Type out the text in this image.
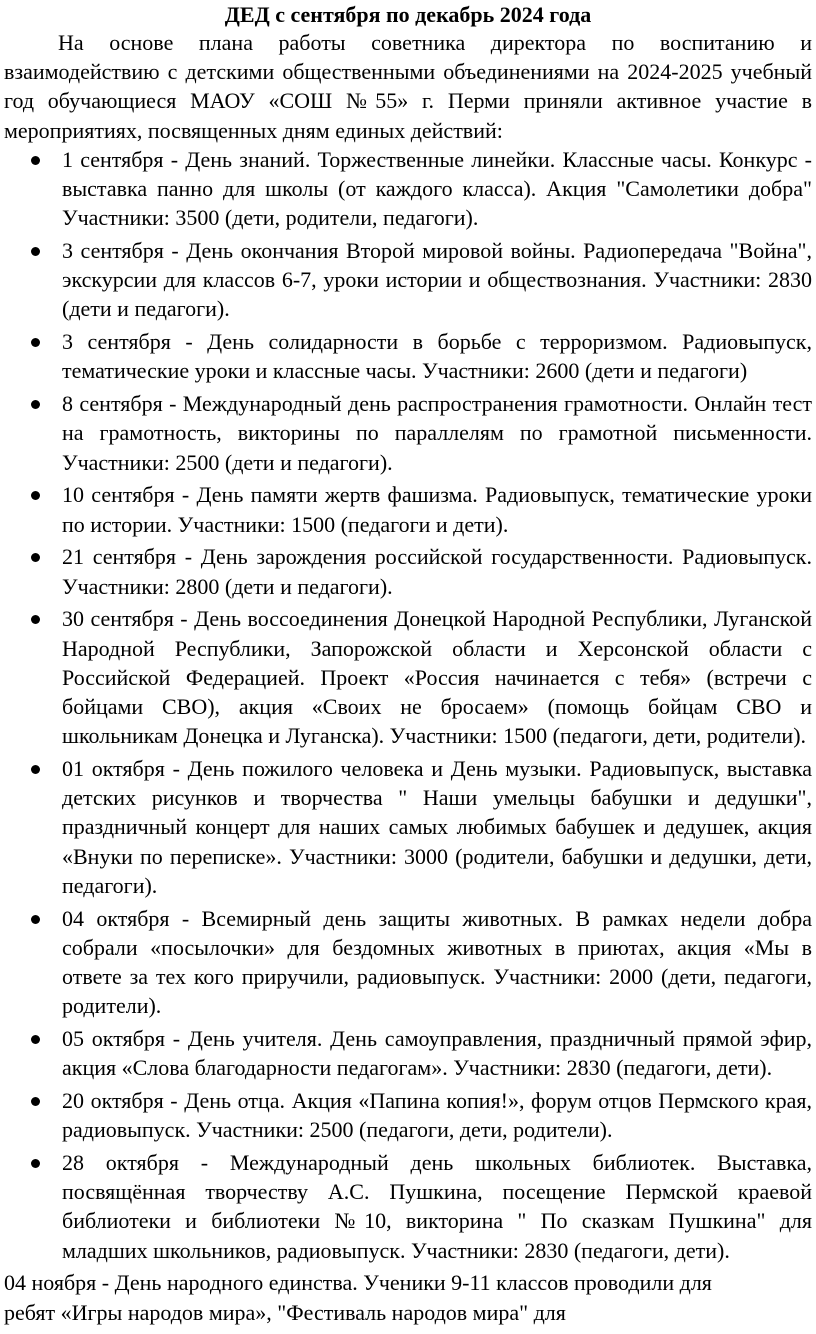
ДЕД с сентября по декабрь 2024 года

На основе плана работы советника директора по воспитанию и взаимодействию с детскими общественными объединениями на 2024-2025 учебный год обучающиеся МАОУ «СОШ №55» г. Перми приняли активное участие в мероприятиях, посвященных дням единых действий:

1 сентября - День знаний. Торжественные линейки. Классные часы. Конкурс - выставка панно для школы (от каждого класса). Акция "Самолетики добра" Участники: 3500 (дети, родители, педагоги).
3 сентября - День окончания Второй мировой войны. Радиопередача "Война", экскурсии для классов 6-7, уроки истории и обществознания. Участники: 2830 (дети и педагоги).
3 сентября - День солидарности в борьбе с терроризмом. Радиовыпуск, тематические уроки и классные часы. Участники: 2600 (дети и педагоги)
8 сентября - Международный день распространения грамотности. Онлайн тест на грамотность, викторины по параллелям по грамотной письменности. Участники: 2500 (дети и педагоги).
10 сентября - День памяти жертв фашизма. Радиовыпуск, тематические уроки по истории. Участники: 1500 (педагоги и дети).
21 сентября - День зарождения российской государственности. Радиовыпуск. Участники: 2800 (дети и педагоги).
30 сентября - День воссоединения Донецкой Народной Республики, Луганской Народной Республики, Запорожской области и Херсонской области с Российской Федерацией. Проект «Россия начинается с тебя» (встречи с бойцами СВО), акция «Своих не бросаем» (помощь бойцам СВО и школьникам Донецка и Луганска). Участники: 1500 (педагоги, дети, родители).
01 октября - День пожилого человека и День музыки. Радиовыпуск, выставка детских рисунков и творчества " Наши умельцы бабушки и дедушки", праздничный концерт для наших самых любимых бабушек и дедушек, акция «Внуки по переписке». Участники: 3000 (родители, бабушки и дедушки, дети, педагоги).
04 октября - Всемирный день защиты животных. В рамках недели добра собрали «посылочки» для бездомных животных в приютах, акция «Мы в ответе за тех кого приручили, радиовыпуск. Участники: 2000 (дети, педагоги, родители).
05 октября - День учителя. День самоуправления, праздничный прямой эфир, акция «Слова благодарности педагогам». Участники: 2830 (педагоги, дети).
20 октября - День отца. Акция «Папина копия!», форум отцов Пермского края, радиовыпуск. Участники: 2500 (педагоги, дети, родители).
28 октября - Международный день школьных библиотек. Выставка, посвящённая творчеству А.С. Пушкина, посещение Пермской краевой библиотеки и библиотеки №10, викторина " По сказкам Пушкина" для младших школьников, радиовыпуск. Участники: 2830 (педагоги, дети).

04 ноября - День народного единства. Ученики 9-11 классов проводили для

ребят «Игры народов мира», "Фестиваль народов мира" для
